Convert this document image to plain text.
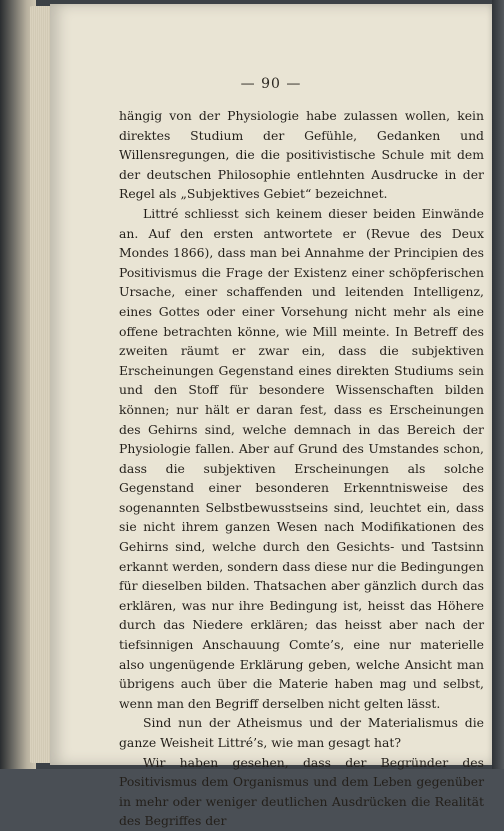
— 90 —

hängig von der Physiologie habe zulassen wollen, kein direktes Studium der Gefühle, Gedanken und Willensregungen, die die positivistische Schule mit dem der deutschen Philosophie entlehnten Ausdrucke in der Regel als „Subjektives Gebiet“ bezeichnet.

Littré schliesst sich keinem dieser beiden Einwände an. Auf den ersten antwortete er (Revue des Deux Mondes 1866), dass man bei Annahme der Principien des Positivismus die Frage der Existenz einer schöpferischen Ursache, einer schaffenden und leitenden Intelligenz, eines Gottes oder einer Vorsehung nicht mehr als eine offene betrachten könne, wie Mill meinte. In Betreff des zweiten räumt er zwar ein, dass die subjektiven Erscheinungen Gegenstand eines direkten Studiums sein und den Stoff für besondere Wissenschaften bilden können; nur hält er daran fest, dass es Erscheinungen des Gehirns sind, welche demnach in das Bereich der Physiologie fallen. Aber auf Grund des Umstandes schon, dass die subjektiven Erscheinungen als solche Gegenstand einer besonderen Erkenntnisweise des sogenannten Selbstbewusstseins sind, leuchtet ein, dass sie nicht ihrem ganzen Wesen nach Modifikationen des Gehirns sind, welche durch den Gesichts- und Tastsinn erkannt werden, sondern dass diese nur die Bedingungen für dieselben bilden. Thatsachen aber gänzlich durch das erklären, was nur ihre Bedingung ist, heisst das Höhere durch das Niedere erklären; das heisst aber nach der tiefsinnigen Anschauung Comte’s, eine nur materielle also ungenügende Erklärung geben, welche Ansicht man übrigens auch über die Materie haben mag und selbst, wenn man den Begriff derselben nicht gelten lässt.

Sind nun der Atheismus und der Materialismus die ganze Weisheit Littré’s, wie man gesagt hat?

Wir haben gesehen, dass der Begründer des Positivismus dem Organismus und dem Leben gegenüber in mehr oder weniger deutlichen Ausdrücken die Realität des Begriffes der
